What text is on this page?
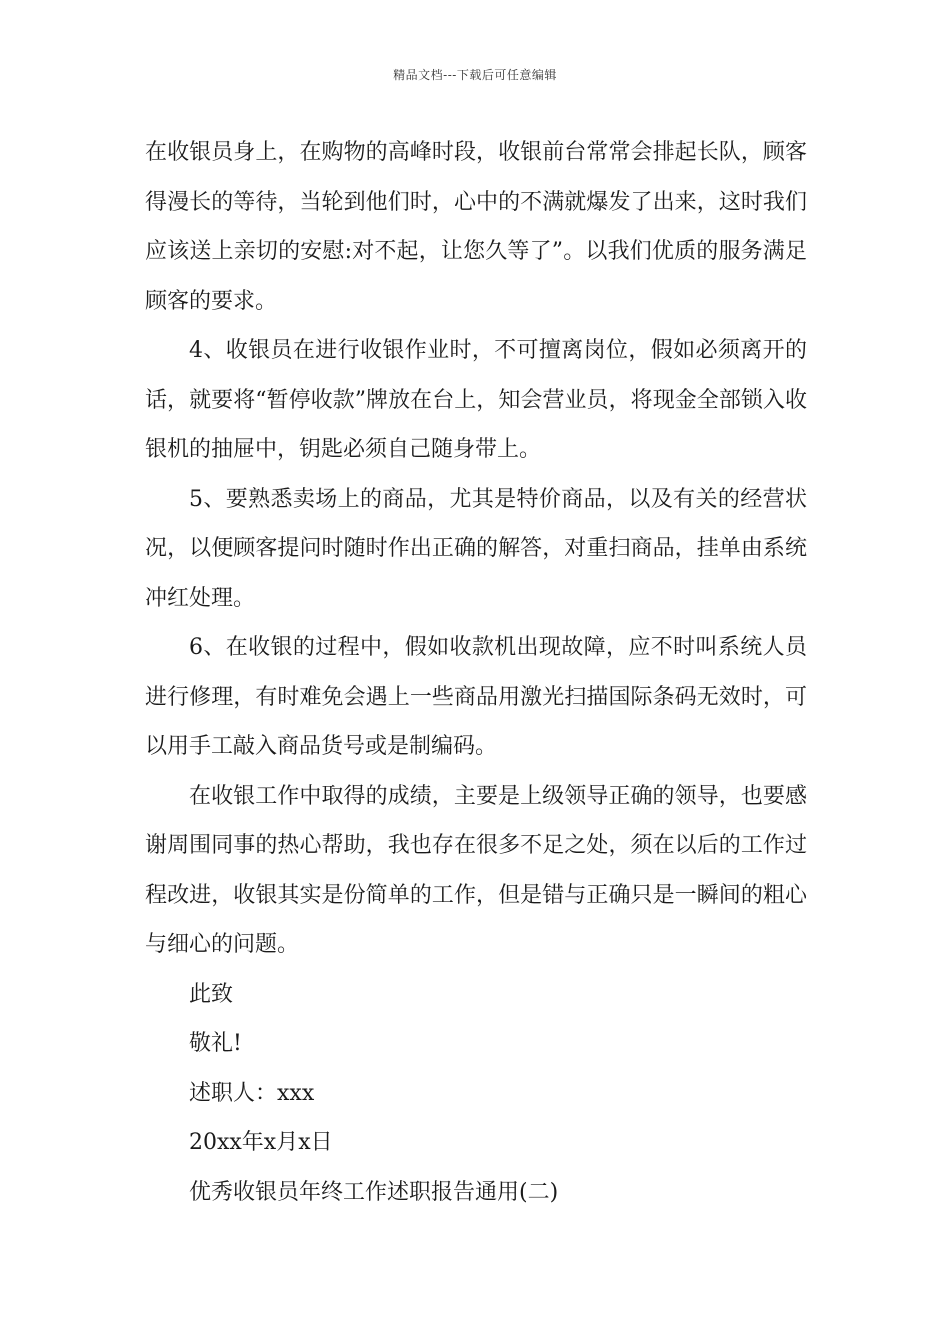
精品文档---下载后可任意编辑

在收银员身上，在购物的高峰时段，收银前台常常会排起长队，顾客得漫长的等待，当轮到他们时，心中的不满就爆发了出来，这时我们应该送上亲切的安慰:对不起，让您久等了”。以我们优质的服务满足顾客的要求。

4、收银员在进行收银作业时，不可擅离岗位，假如必须离开的话，就要将“暂停收款”牌放在台上，知会营业员，将现金全部锁入收银机的抽屉中，钥匙必须自己随身带上。

5、要熟悉卖场上的商品，尤其是特价商品，以及有关的经营状况，以便顾客提问时随时作出正确的解答，对重扫商品，挂单由系统冲红处理。

6、在收银的过程中，假如收款机出现故障，应不时叫系统人员进行修理，有时难免会遇上一些商品用激光扫描国际条码无效时，可以用手工敲入商品货号或是制编码。

在收银工作中取得的成绩，主要是上级领导正确的领导，也要感谢周围同事的热心帮助，我也存在很多不足之处，须在以后的工作过程改进，收银其实是份简单的工作，但是错与正确只是一瞬间的粗心与细心的问题。

此致

敬礼!

述职人：xxx

20xx年x月x日

优秀收银员年终工作述职报告通用(二)
